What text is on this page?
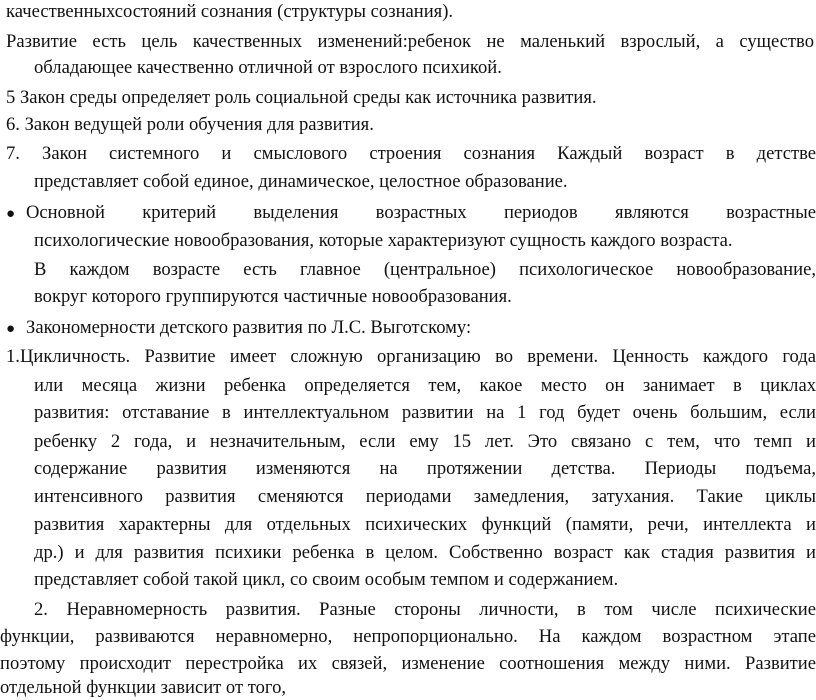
качественныхсостояний сознания (структуры сознания).
Развитие есть цель качественных изменений:ребенок не маленький взрослый, а существо
обладающее качественно отличной от взрослого психикой.
5 Закон среды определяет роль социальной среды как источника развития.
6. Закон ведущей роли обучения для развития.
7. Закон системного и смыслового строения сознания Каждый возраст в детстве
представляет собой единое, динамическое, целостное образование.
● Основной критерий выделения возрастных периодов являются возрастные
психологические новообразования, которые характеризуют сущность каждого возраста.
В каждом возрасте есть главное (центральное) психологическое новообразование,
вокруг которого группируются частичные новообразования.
● Закономерности детского развития по Л.С. Выготскому:
1.Цикличность. Развитие имеет сложную организацию во времени. Ценность каждого года
или месяца жизни ребенка определяется тем, какое место он занимает в циклах
развития: отставание в интеллектуальном развитии на 1 год будет очень большим, если
ребенку 2 года, и незначительным, если ему 15 лет. Это связано с тем, что темп и
содержание развития изменяются на протяжении детства. Периоды подъема,
интенсивного развития сменяются периодами замедления, затухания. Такие циклы
развития характерны для отдельных психических функций (памяти, речи, интеллекта и
др.) и для развития психики ребенка в целом. Собственно возраст как стадия развития и
представляет собой такой цикл, со своим особым темпом и содержанием.
2. Неравномерность развития. Разные стороны личности, в том числе психические
функции, развиваются неравномерно, непропорционально. На каждом возрастном этапе
поэтому происходит перестройка их связей, изменение соотношения между ними. Развитие
отдельной функции зависит от того,
